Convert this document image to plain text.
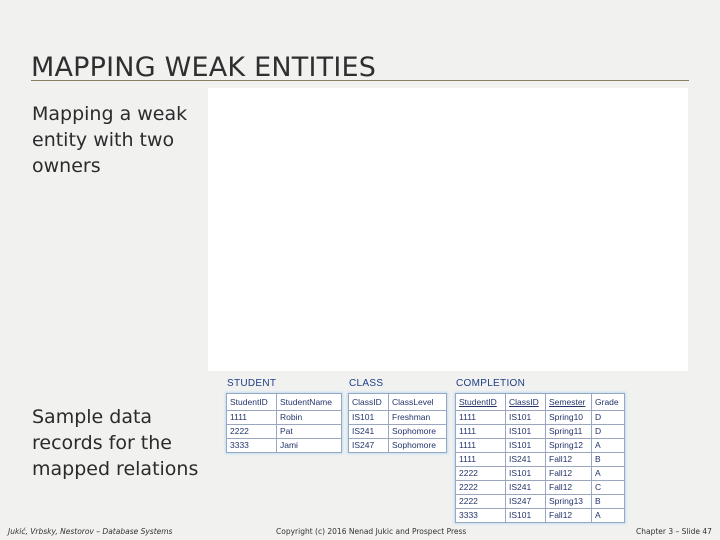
MAPPING WEAK ENTITIES
Mapping a weak entity with two owners
Sample data records for the mapped relations
STUDENT
StudentID	StudentName
1111	Robin
2222	Pat
3333	Jami
CLASS
ClassID	ClassLevel
IS101	Freshman
IS241	Sophomore
IS247	Sophomore
COMPLETION
StudentID	ClassID	Semester	Grade
1111	IS101	Spring10	D
1111	IS101	Spring11	D
1111	IS101	Spring12	A
1111	IS241	Fall12	B
2222	IS101	Fall12	A
2222	IS241	Fall12	C
2222	IS247	Spring13	B
3333	IS101	Fall12	A
Jukić, Vrbsky, Nestorov – Database Systems	Copyright (c) 2016 Nenad Jukic and Prospect Press	Chapter 3 – Slide 47
